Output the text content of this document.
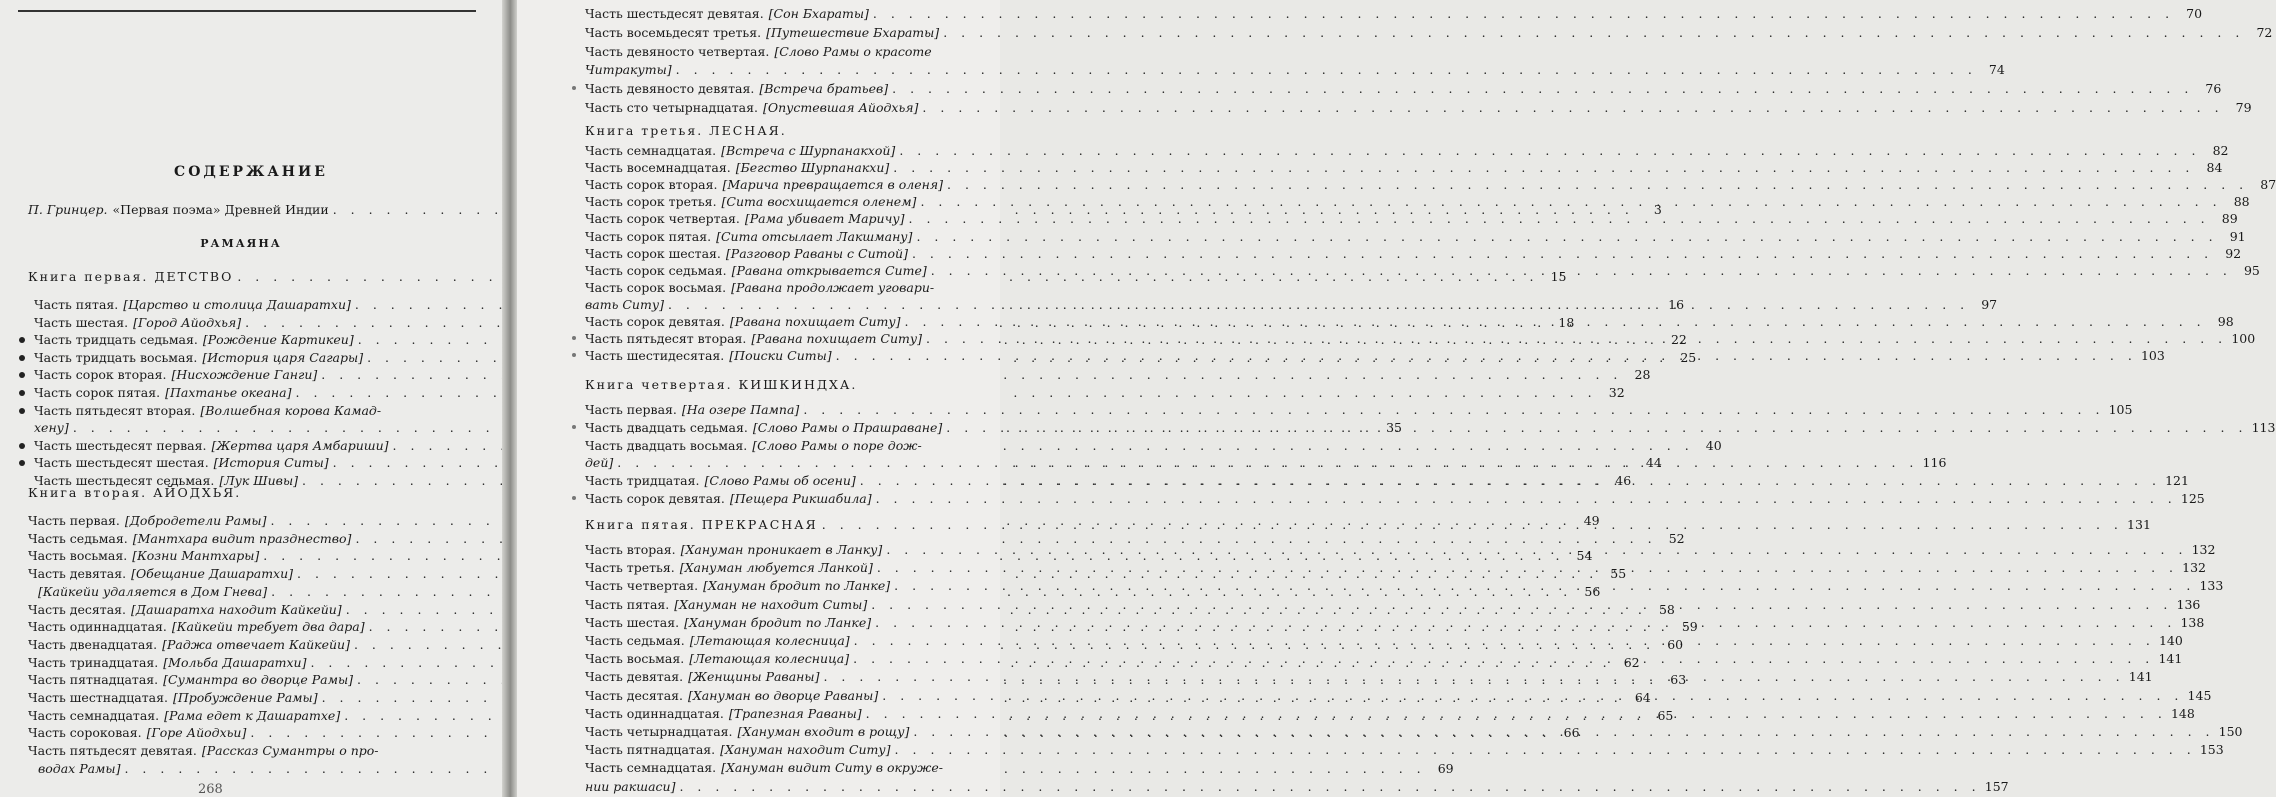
СОДЕРЖАНИЕ
П. Гринцер. «Первая поэма» Древней Индии . . .	3
РАМАЯНА
Книга первая. ДЕТСТВО . . .	15
Часть пятая. [Царство и столица Дашаратхи] . . .	16
Часть шестая. [Город Айодхья] . . .	18
Часть тридцать седьмая. [Рождение Картикеи] . . .	22
Часть тридцать восьмая. [История царя Сагары] . . .	25
Часть сорок вторая. [Нисхождение Ганги] . . .	28
Часть сорок пятая. [Пахтанье океана] . . .	32
Часть пятьдесят вторая. [Волшебная корова Камад-
хену] . . .	35
Часть шестьдесят первая. [Жертва царя Амбариши] . . .	40
Часть шестьдесят шестая. [История Ситы] . . .	44
Часть шестьдесят седьмая. [Лук Шивы] . . .	46
Книга вторая. АЙОДХЬЯ.
Часть первая. [Добродетели Рамы] . . .	49
Часть седьмая. [Мантхара видит празднество] . . .	52
Часть восьмая. [Козни Мантхары] . . .	54
Часть девятая. [Обещание Дашаратхи] . . .	55
[Кайкейи удаляется в Дом Гнева] . . .	56
Часть десятая. [Дашаратха находит Кайкейи] . . .	58
Часть одиннадцатая. [Кайкейи требует два дара] . . .	59
Часть двенадцатая. [Раджа отвечает Кайкейи] . . .	60
Часть тринадцатая. [Мольба Дашаратхи] . . .	62
Часть пятнадцатая. [Сумантра во дворце Рамы] . . .	63
Часть шестнадцатая. [Пробуждение Рамы] . . .	64
Часть семнадцатая. [Рама едет к Дашаратхе] . . .	65
Часть сороковая. [Горе Айодхьи] . . .	66
Часть пятьдесят девятая. [Рассказ Сумантры о про-
водах Рамы] . . .	69
268
Часть шестьдесят девятая. [Сон Бхараты] . . .	70
Часть восемьдесят третья. [Путешествие Бхараты] . . .	72
Часть девяносто четвертая. [Слово Рамы о красоте
Читракуты] . . .	74
Часть девяносто девятая. [Встреча братьев] . . .	76
Часть сто четырнадцатая. [Опустевшая Айодхья] . . .	79
Книга третья. ЛЕСНАЯ.
Часть семнадцатая. [Встреча с Шурпанакхой] . . .	82
Часть восемнадцатая. [Бегство Шурпанакхи] . . .	84
Часть сорок вторая. [Марича превращается в оленя] . . .	87
Часть сорок третья. [Сита восхищается оленем] . . .	88
Часть сорок четвертая. [Рама убивает Маричу] . . .	89
Часть сорок пятая. [Сита отсылает Лакшману] . . .	91
Часть сорок шестая. [Разговор Раваны с Ситой] . . .	92
Часть сорок седьмая. [Равана открывается Сите] . . .	95
Часть сорок восьмая. [Равана продолжает уговари-
вать Ситу] . . .	97
Часть сорок девятая. [Равана похищает Ситу] . . .	98
Часть пятьдесят вторая. [Равана похищает Ситу] . . .	100
Часть шестидесятая. [Поиски Ситы] . . .	103
Книга четвертая. КИШКИНДХА.
Часть первая. [На озере Пампа] . . .	105
Часть двадцать седьмая. [Слово Рамы о Прашраване] . . .	113
Часть двадцать восьмая. [Слово Рамы о поре дож-
дей] . . .	116
Часть тридцатая. [Слово Рамы об осени] . . .	121
Часть сорок девятая. [Пещера Рикшабила] . . .	125
Книга пятая. ПРЕКРАСНАЯ . . .	131
Часть вторая. [Хануман проникает в Ланку] . . .	132
Часть третья. [Хануман любуется Ланкой] . . .	132
Часть четвертая. [Хануман бродит по Ланке] . . .	133
Часть пятая. [Хануман не находит Ситы] . . .	136
Часть шестая. [Хануман бродит по Ланке] . . .	138
Часть седьмая. [Летающая колесница] . . .	140
Часть восьмая. [Летающая колесница] . . .	141
Часть девятая. [Женщины Раваны] . . .	141
Часть десятая. [Хануман во дворце Раваны] . . .	145
Часть одиннадцатая. [Трапезная Раваны] . . .	148
Часть четырнадцатая. [Хануман входит в рощу] . . .	150
Часть пятнадцатая. [Хануман находит Ситу] . . .	153
Часть семнадцатая. [Хануман видит Ситу в окруже-
нии ракшаси] . . .	157
